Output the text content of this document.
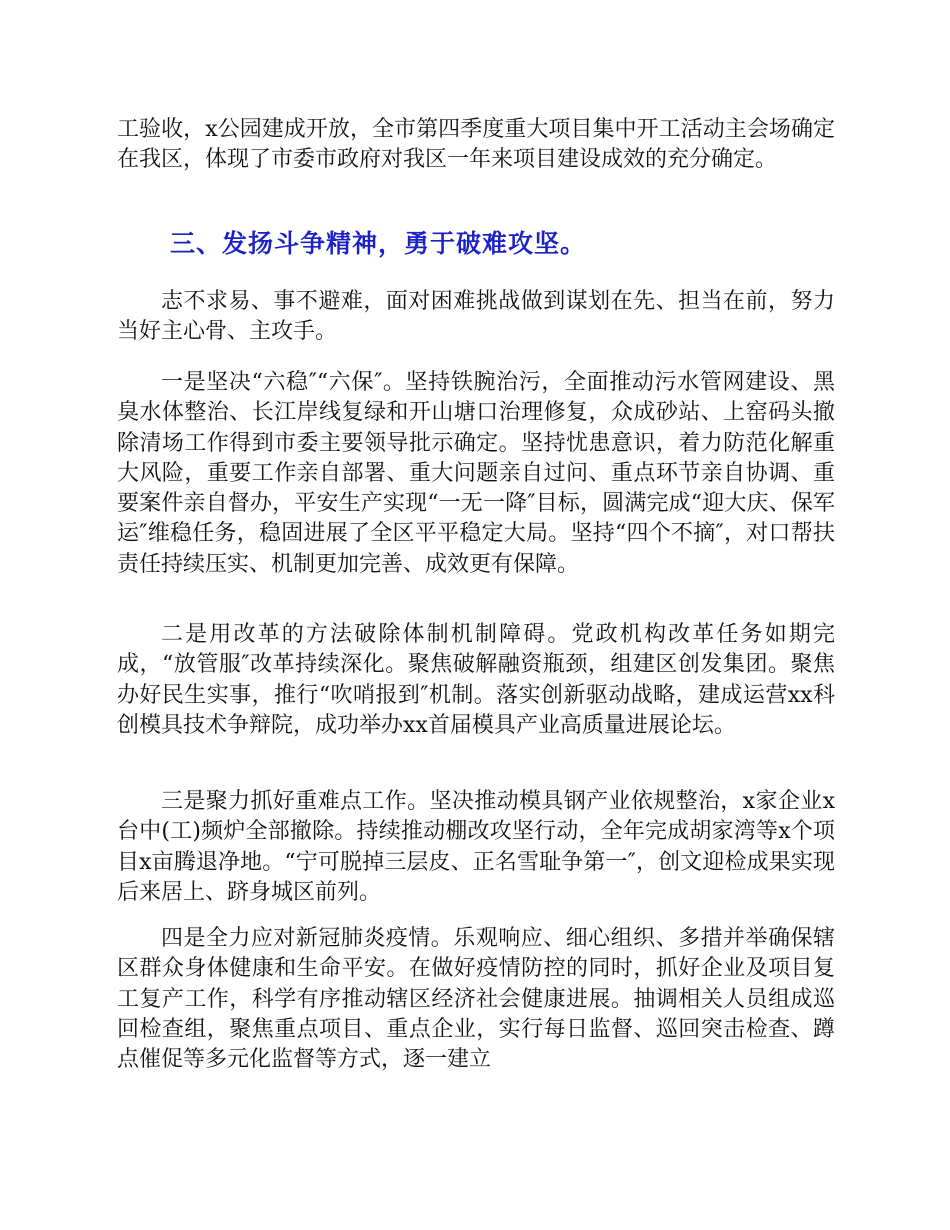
工验收，x公园建成开放，全市第四季度重大项目集中开工活动主会场确定在我区，体现了市委市政府对我区一年来项目建设成效的充分确定。

三、发扬斗争精神，勇于破难攻坚。

志不求易、事不避难，面对困难挑战做到谋划在先、担当在前，努力当好主心骨、主攻手。

一是坚决“六稳″“六保″。坚持铁腕治污，全面推动污水管网建设、黑臭水体整治、长江岸线复绿和开山塘口治理修复，众成砂站、上窑码头撤除清场工作得到市委主要领导批示确定。坚持忧患意识，着力防范化解重大风险，重要工作亲自部署、重大问题亲自过问、重点环节亲自协调、重要案件亲自督办，平安生产实现“一无一降″目标，圆满完成“迎大庆、保军运″维稳任务，稳固进展了全区平平稳定大局。坚持“四个不摘″，对口帮扶责任持续压实、机制更加完善、成效更有保障。

二是用改革的方法破除体制机制障碍。党政机构改革任务如期完成，“放管服″改革持续深化。聚焦破解融资瓶颈，组建区创发集团。聚焦办好民生实事，推行“吹哨报到″机制。落实创新驱动战略，建成运营xx科创模具技术争辩院，成功举办xx首届模具产业高质量进展论坛。

三是聚力抓好重难点工作。坚决推动模具钢产业依规整治，x家企业x台中(工)频炉全部撤除。持续推动棚改攻坚行动，全年完成胡家湾等x个项目x亩腾退净地。“宁可脱掉三层皮、正名雪耻争第一″，创文迎检成果实现后来居上、跻身城区前列。

四是全力应对新冠肺炎疫情。乐观响应、细心组织、多措并举确保辖区群众身体健康和生命平安。在做好疫情防控的同时，抓好企业及项目复工复产工作，科学有序推动辖区经济社会健康进展。抽调相关人员组成巡回检查组，聚焦重点项目、重点企业，实行每日监督、巡回突击检查、蹲点催促等多元化监督等方式，逐一建立
